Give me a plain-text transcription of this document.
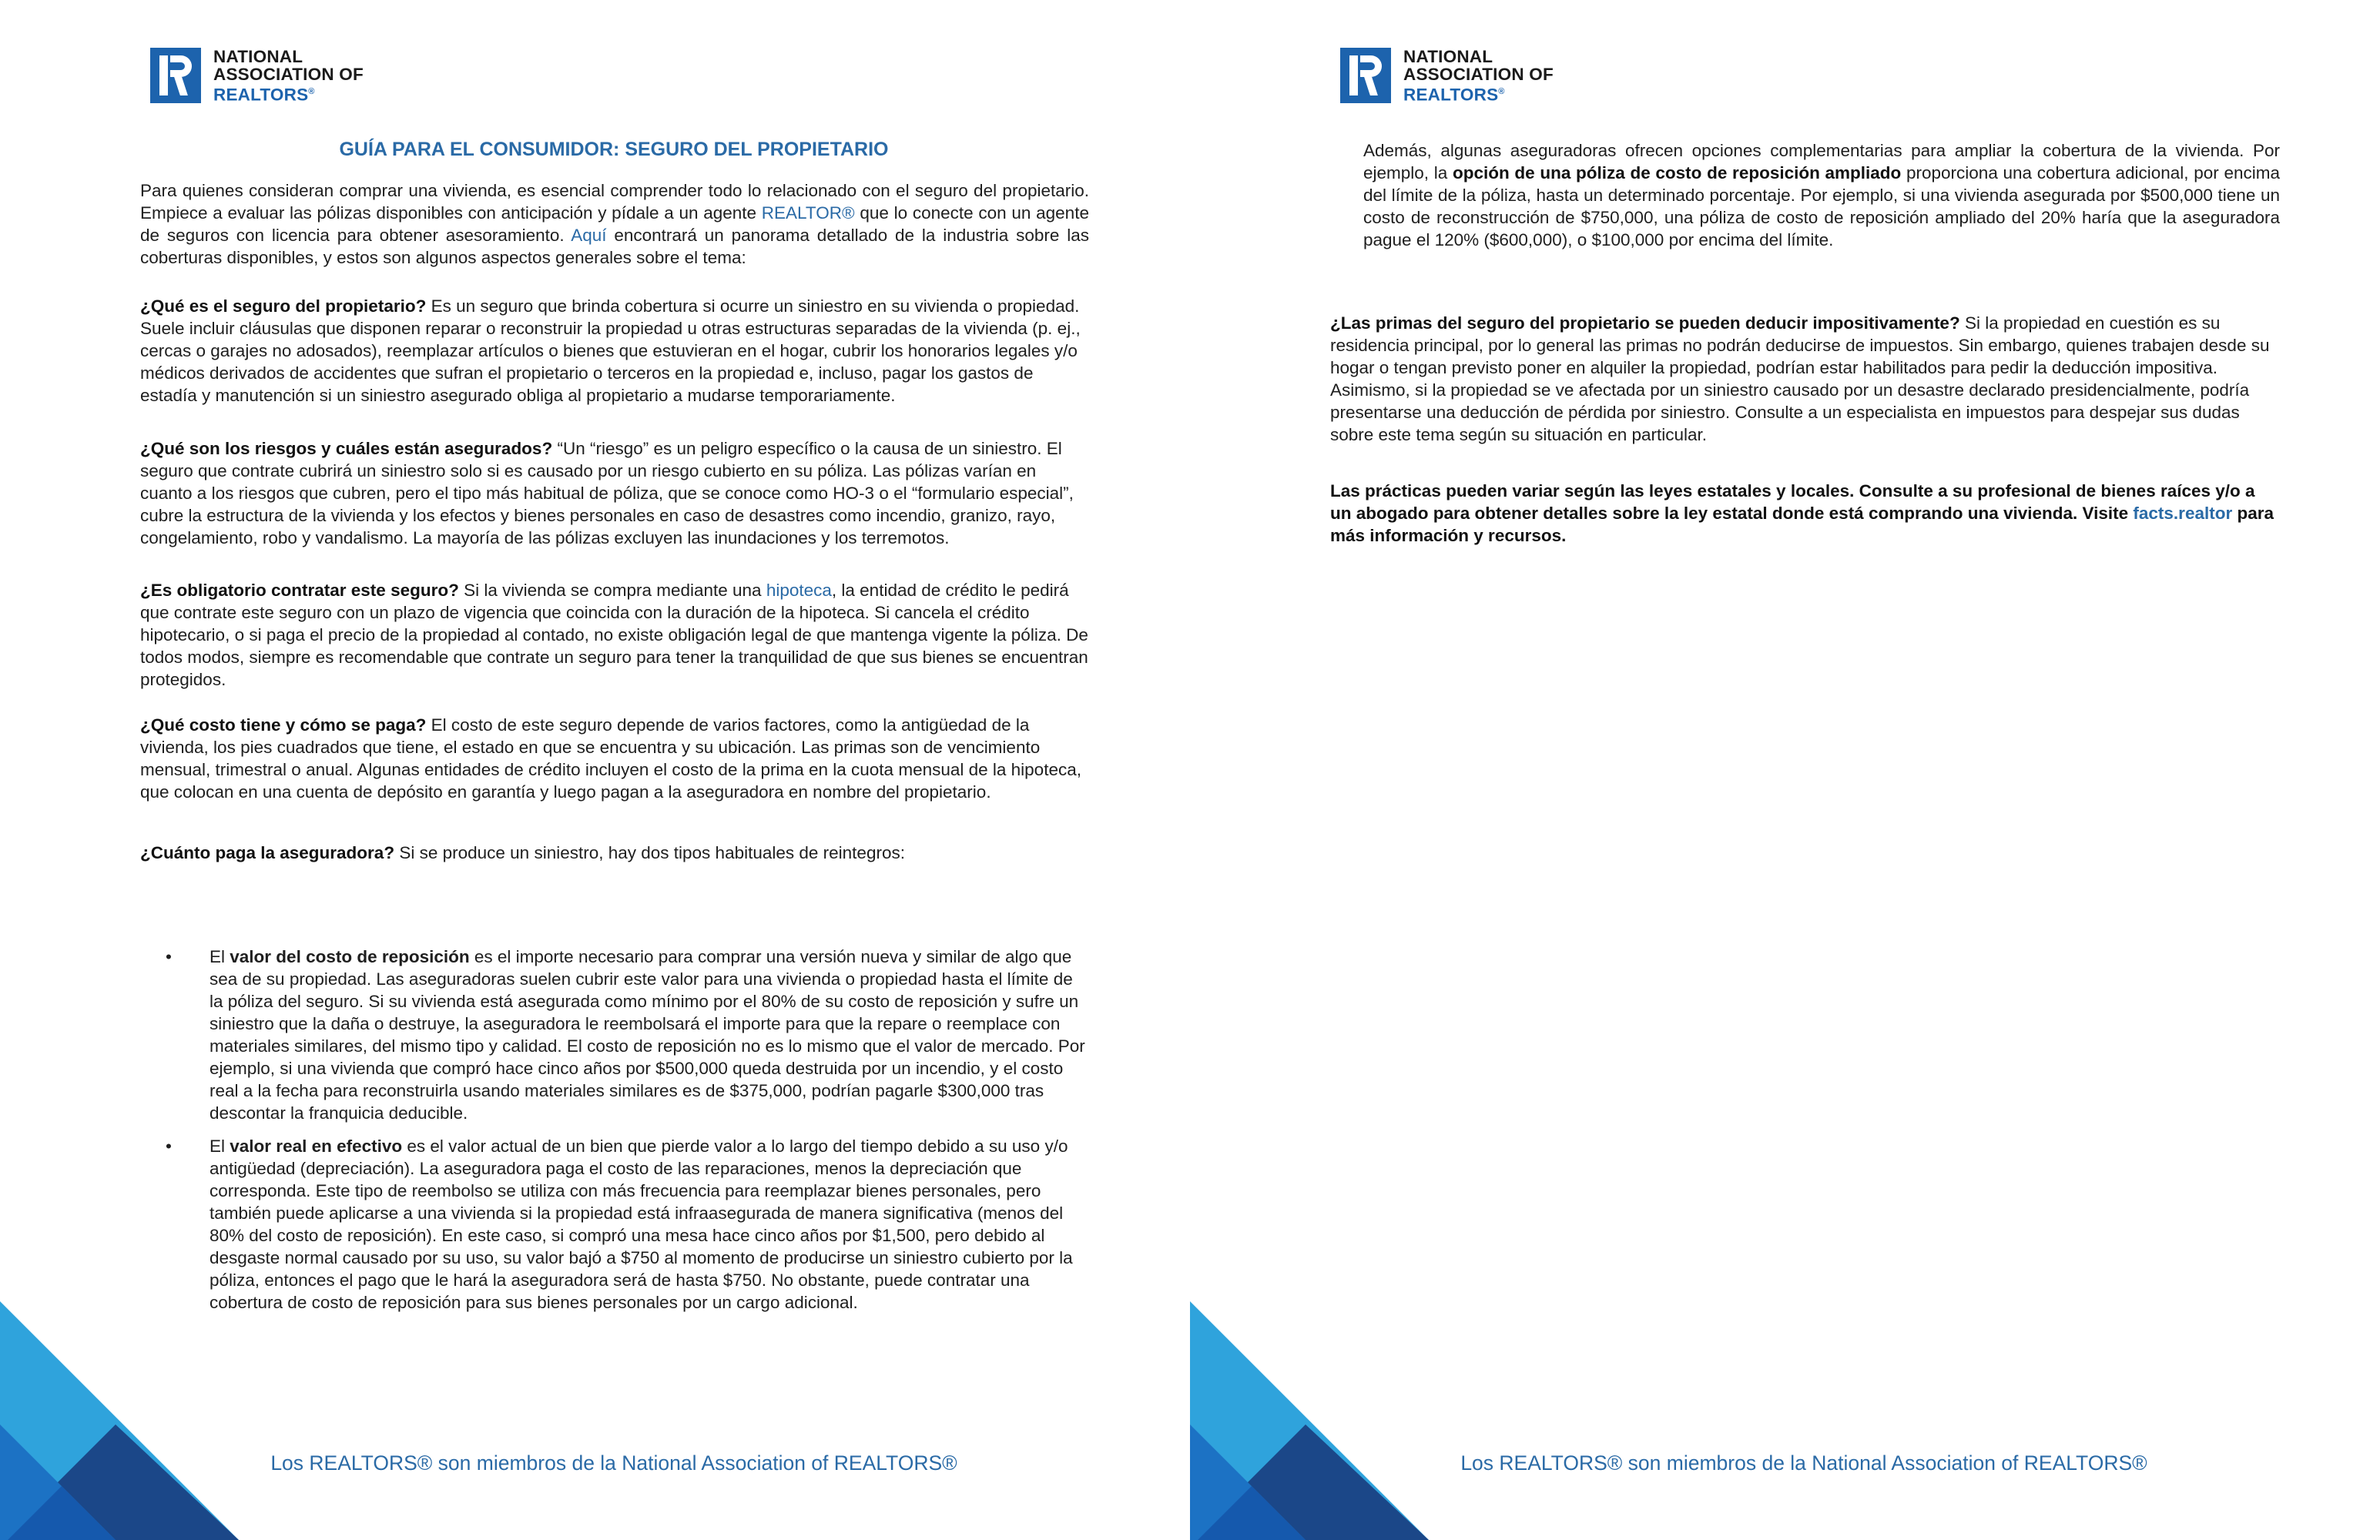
NATIONAL
ASSOCIATION OF
REALTORS®
GUÍA PARA EL CONSUMIDOR: SEGURO DEL PROPIETARIO

Para quienes consideran comprar una vivienda, es esencial comprender todo lo relacionado con el seguro del propietario. Empiece a evaluar las pólizas disponibles con anticipación y pídale a un agente REALTOR® que lo conecte con un agente de seguros con licencia para obtener asesoramiento. Aquí encontrará un panorama detallado de la industria sobre las coberturas disponibles, y estos son algunos aspectos generales sobre el tema:

¿Qué es el seguro del propietario? Es un seguro que brinda cobertura si ocurre un siniestro en su vivienda o propiedad. Suele incluir cláusulas que disponen reparar o reconstruir la propiedad u otras estructuras separadas de la vivienda (p. ej., cercas o garajes no adosados), reemplazar artículos o bienes que estuvieran en el hogar, cubrir los honorarios legales y/o médicos derivados de accidentes que sufran el propietario o terceros en la propiedad e, incluso, pagar los gastos de estadía y manutención si un siniestro asegurado obliga al propietario a mudarse temporariamente.

¿Qué son los riesgos y cuáles están asegurados? “Un “riesgo” es un peligro específico o la causa de un siniestro. El seguro que contrate cubrirá un siniestro solo si es causado por un riesgo cubierto en su póliza. Las pólizas varían en cuanto a los riesgos que cubren, pero el tipo más habitual de póliza, que se conoce como HO-3 o el “formulario especial”, cubre la estructura de la vivienda y los efectos y bienes personales en caso de desastres como incendio, granizo, rayo, congelamiento, robo y vandalismo. La mayoría de las pólizas excluyen las inundaciones y los terremotos.

¿Es obligatorio contratar este seguro? Si la vivienda se compra mediante una hipoteca, la entidad de crédito le pedirá que contrate este seguro con un plazo de vigencia que coincida con la duración de la hipoteca. Si cancela el crédito hipotecario, o si paga el precio de la propiedad al contado, no existe obligación legal de que mantenga vigente la póliza. De todos modos, siempre es recomendable que contrate un seguro para tener la tranquilidad de que sus bienes se encuentran protegidos.

¿Qué costo tiene y cómo se paga? El costo de este seguro depende de varios factores, como la antigüedad de la vivienda, los pies cuadrados que tiene, el estado en que se encuentra y su ubicación. Las primas son de vencimiento mensual, trimestral o anual. Algunas entidades de crédito incluyen el costo de la prima en la cuota mensual de la hipoteca, que colocan en una cuenta de depósito en garantía y luego pagan a la aseguradora en nombre del propietario.

¿Cuánto paga la aseguradora? Si se produce un siniestro, hay dos tipos habituales de reintegros:

•	El valor del costo de reposición es el importe necesario para comprar una versión nueva y similar de algo que sea de su propiedad. Las aseguradoras suelen cubrir este valor para una vivienda o propiedad hasta el límite de la póliza del seguro. Si su vivienda está asegurada como mínimo por el 80% de su costo de reposición y sufre un siniestro que la daña o destruye, la aseguradora le reembolsará el importe para que la repare o reemplace con materiales similares, del mismo tipo y calidad. El costo de reposición no es lo mismo que el valor de mercado. Por ejemplo, si una vivienda que compró hace cinco años por $500,000 queda destruida por un incendio, y el costo real a la fecha para reconstruirla usando materiales similares es de $375,000, podrían pagarle $300,000 tras descontar la franquicia deducible.
•	El valor real en efectivo es el valor actual de un bien que pierde valor a lo largo del tiempo debido a su uso y/o antigüedad (depreciación). La aseguradora paga el costo de las reparaciones, menos la depreciación que corresponda. Este tipo de reembolso se utiliza con más frecuencia para reemplazar bienes personales, pero también puede aplicarse a una vivienda si la propiedad está infraasegurada de manera significativa (menos del 80% del costo de reposición). En este caso, si compró una mesa hace cinco años por $1,500, pero debido al desgaste normal causado por su uso, su valor bajó a $750 al momento de producirse un siniestro cubierto por la póliza, entonces el pago que le hará la aseguradora será de hasta $750. No obstante, puede contratar una cobertura de costo de reposición para sus bienes personales por un cargo adicional.
Los REALTORS® son miembros de la National Association of REALTORS®
NATIONAL
ASSOCIATION OF
REALTORS®

Además, algunas aseguradoras ofrecen opciones complementarias para ampliar la cobertura de la vivienda. Por ejemplo, la opción de una póliza de costo de reposición ampliado proporciona una cobertura adicional, por encima del límite de la póliza, hasta un determinado porcentaje. Por ejemplo, si una vivienda asegurada por $500,000 tiene un costo de reconstrucción de $750,000, una póliza de costo de reposición ampliado del 20% haría que la aseguradora pague el 120% ($600,000), o $100,000 por encima del límite.

¿Las primas del seguro del propietario se pueden deducir impositivamente? Si la propiedad en cuestión es su residencia principal, por lo general las primas no podrán deducirse de impuestos. Sin embargo, quienes trabajen desde su hogar o tengan previsto poner en alquiler la propiedad, podrían estar habilitados para pedir la deducción impositiva. Asimismo, si la propiedad se ve afectada por un siniestro causado por un desastre declarado presidencialmente, podría presentarse una deducción de pérdida por siniestro. Consulte a un especialista en impuestos para despejar sus dudas sobre este tema según su situación en particular.

Las prácticas pueden variar según las leyes estatales y locales. Consulte a su profesional de bienes raíces y/o a un abogado para obtener detalles sobre la ley estatal donde está comprando una vivienda. Visite facts.realtor para más información y recursos.

Los REALTORS® son miembros de la National Association of REALTORS®
